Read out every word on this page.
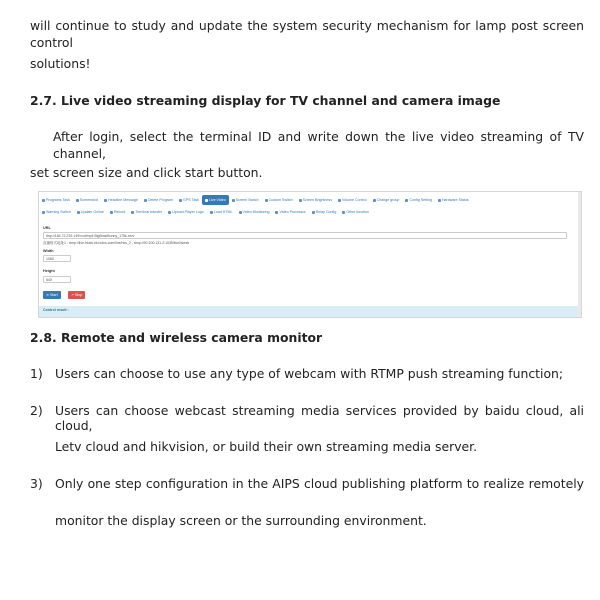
will continue to study and update the system security mechanism for lamp post screen control

solutions!

2.7. Live video streaming display for TV channel and camera image

After login, select the terminal ID and write down the live video streaming of TV channel,

set screen size and click start button.

Programs Task	Screenshot	Headline Message	Delete Program	GPS Task	Live Video	Screen Switch	Custom Switch	Screen Brightness	Volume Control	Change group	Config Setting	Hardware Status
Warning Switch	Update Online	Reboot	Terminal transfer	Upload Player Logo	Load HTML	Video Monitoring	Video Processor	Relay Config	Other function
URL
rtsp://184.72.239.149/vod/mp4:BigBuckBunny_175k.mov
直播格式地址1 : rtmp://live.hkstv.hk.lxdns.com/live/hks_2 , rtmp://90.200.131.2:1935/live/livestr
Width
1080
Height
640
➔ Start	↗ Stop
Control result :

2.8. Remote and wireless camera monitor

1) Users can choose to use any type of webcam with RTMP push streaming function;
2) Users can choose webcast streaming media services provided by baidu cloud, ali cloud,
Letv cloud and hikvision, or build their own streaming media server.
3) Only one step configuration in the AIPS cloud publishing platform to realize remotely
monitor the display screen or the surrounding environment.
